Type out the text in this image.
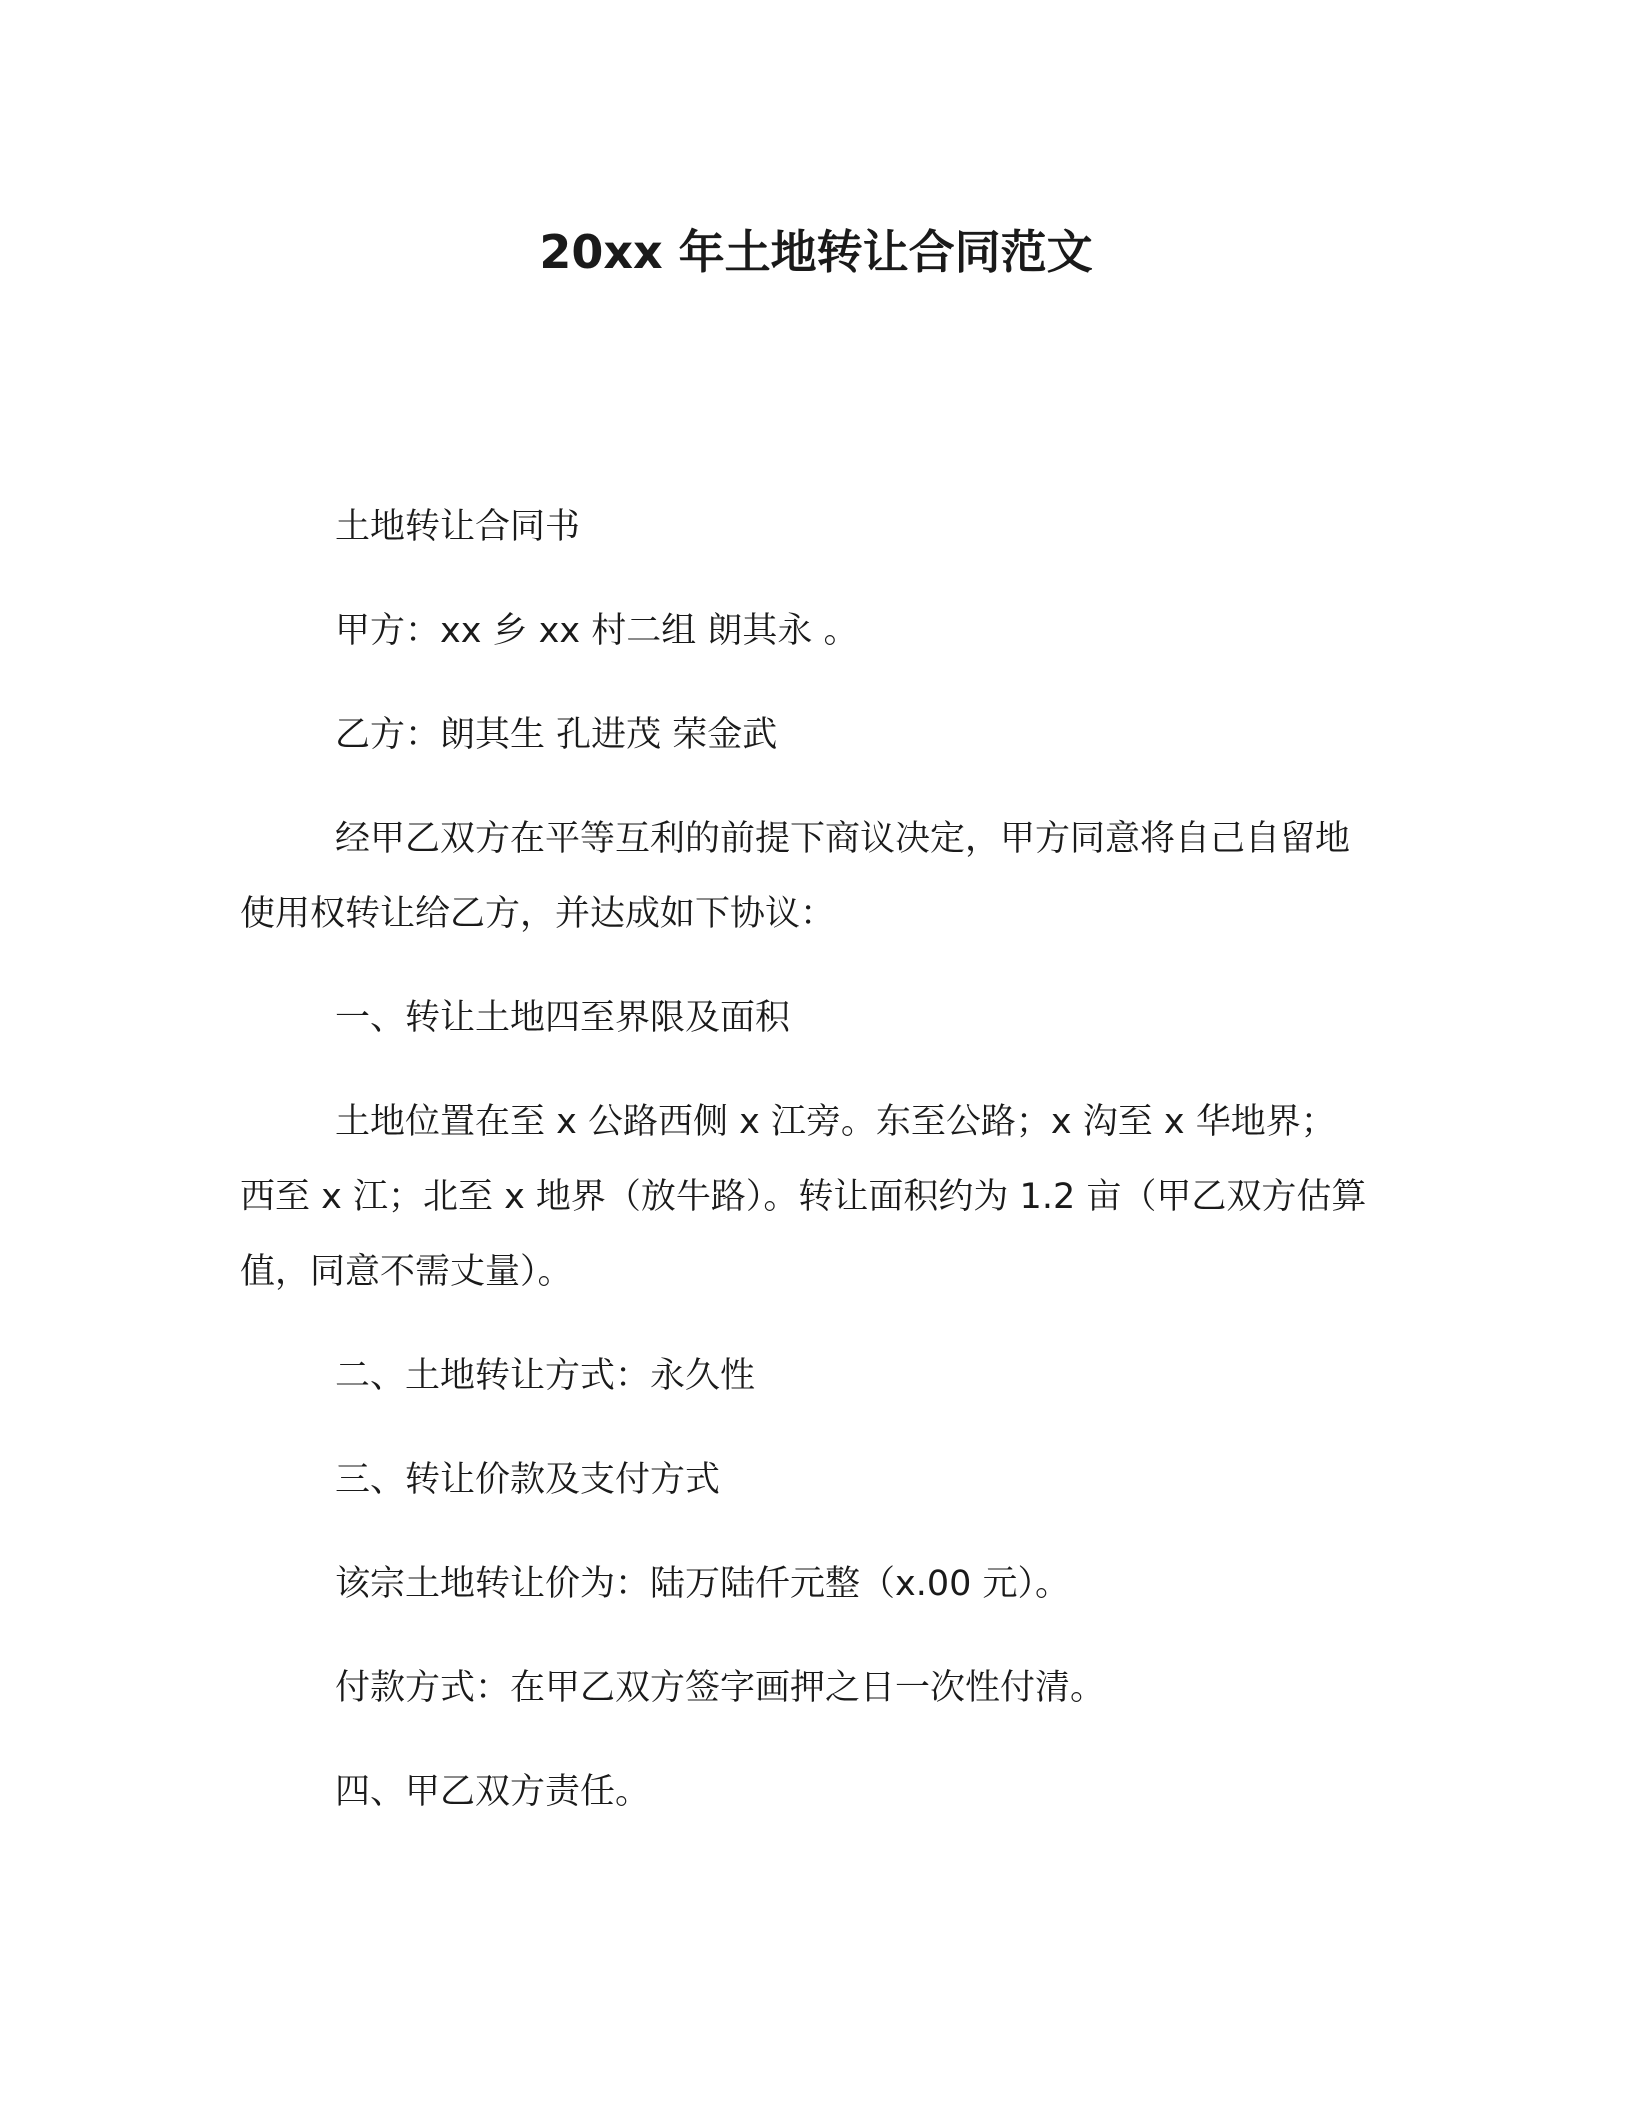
20xx 年土地转让合同范文

土地转让合同书

甲方：xx 乡 xx 村二组 朗其永 。

乙方：朗其生 孔进茂 荣金武

经甲乙双方在平等互利的前提下商议决定，甲方同意将自己自留地使用权转让给乙方，并达成如下协议：

一、转让土地四至界限及面积

土地位置在至 x 公路西侧 x 江旁。东至公路；x 沟至 x 华地界；西至 x 江；北至 x 地界（放牛路）。转让面积约为 1.2 亩（甲乙双方估算值，同意不需丈量）。

二、土地转让方式：永久性

三、转让价款及支付方式

该宗土地转让价为：陆万陆仟元整（x.00 元）。

付款方式：在甲乙双方签字画押之日一次性付清。

四、甲乙双方责任。
